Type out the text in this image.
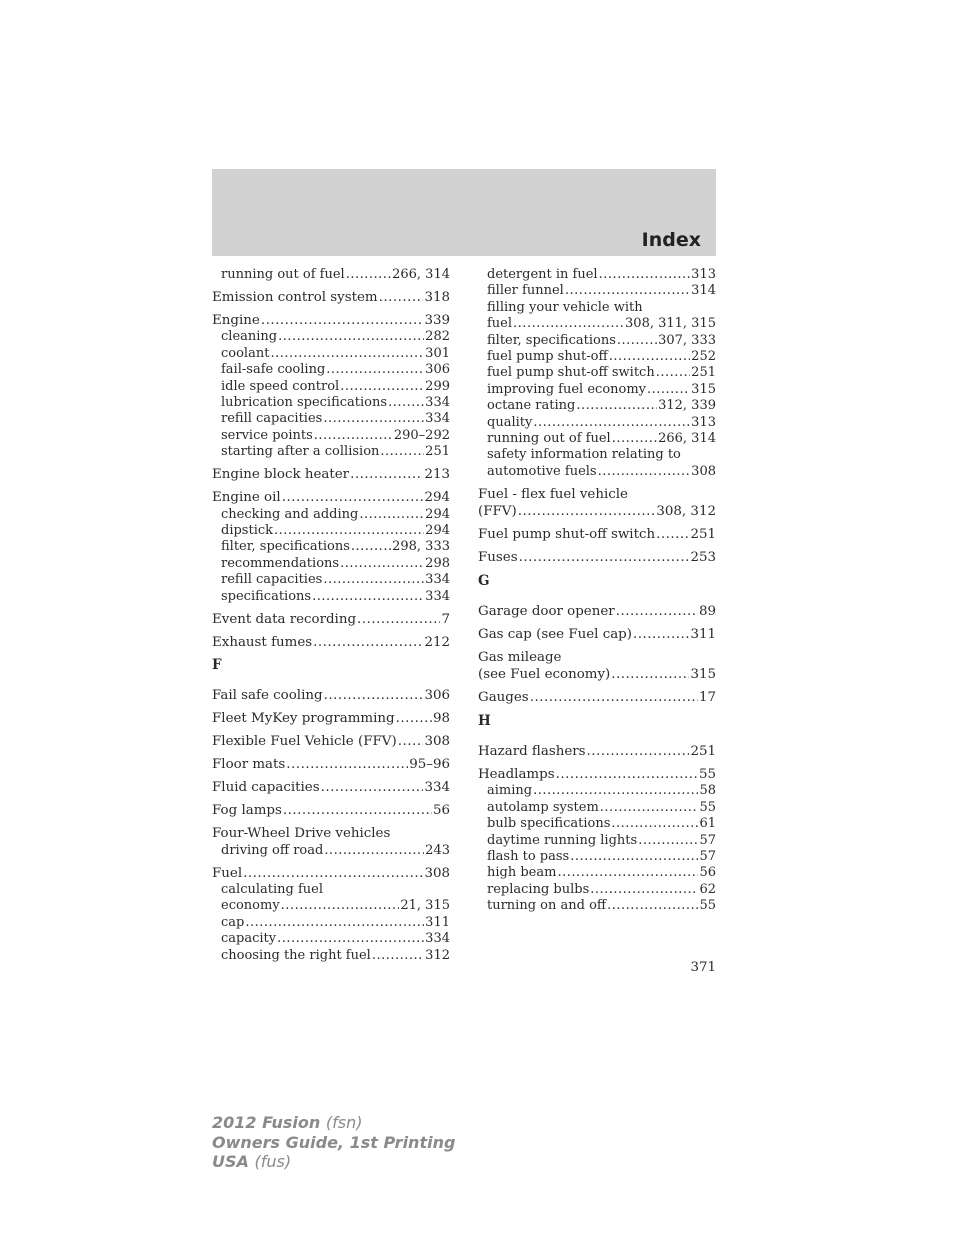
Index
running out of fuel .....	266, 314
Emission control system .....	318
Engine .....	339
cleaning .....	282
coolant .....	301
fail-safe cooling .....	306
idle speed control .....	299
lubrication specifications .....	334
refill capacities .....	334
service points .....	290–292
starting after a collision .....	251
Engine block heater .....	213
Engine oil .....	294
checking and adding .....	294
dipstick .....	294
filter, specifications .....	298, 333
recommendations .....	298
refill capacities .....	334
specifications .....	334
Event data recording .....	7
Exhaust fumes .....	212
F
Fail safe cooling .....	306
Fleet MyKey programming .....	98
Flexible Fuel Vehicle (FFV) ..... 308
Floor mats .....	95–96
Fluid capacities .....	334
Fog lamps .....	56
Four-Wheel Drive vehicles
driving off road .....	243
Fuel .....	308
calculating fuel
economy .....	21, 315
cap .....	311
capacity .....	334
choosing the right fuel .....	312
detergent in fuel .....	313
filler funnel .....	314
filling your vehicle with
fuel .....	308, 311, 315
filter, specifications .....	307, 333
fuel pump shut-off .....	252
fuel pump shut-off switch .....	251
improving fuel economy .....	315
octane rating .....	312, 339
quality .....	313
running out of fuel .....	266, 314
safety information relating to
automotive fuels .....	308
Fuel - flex fuel vehicle
(FFV) .....	308, 312
Fuel pump shut-off switch .....	251
Fuses .....	253
G
Garage door opener .....	89
Gas cap (see Fuel cap) .....	311
Gas mileage
(see Fuel economy) .....	315
Gauges .....	17
H
Hazard flashers .....	251
Headlamps .....	55
aiming .....	58
autolamp system .....	55
bulb specifications .....	61
daytime running lights .....	57
flash to pass .....	57
high beam .....	56
replacing bulbs .....	62
turning on and off .....	55
371
2012 Fusion (fsn)
Owners Guide, 1st Printing
USA (fus)
